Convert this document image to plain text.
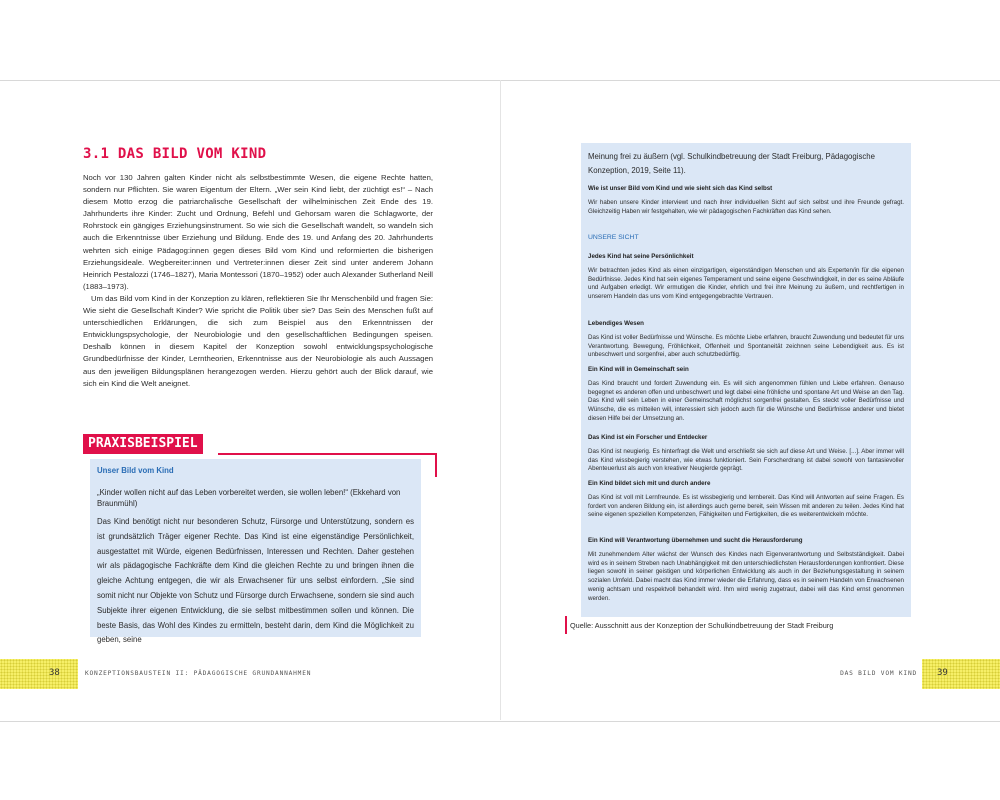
3.1 DAS BILD VOM KIND

Noch vor 130 Jahren galten Kinder nicht als selbstbestimmte Wesen, die eigene Rechte hatten, sondern nur Pflichten. Sie waren Eigentum der Eltern. „Wer sein Kind liebt, der züchtigt es!“ – Nach diesem Motto erzog die patriarchalische Gesellschaft der wilhelminischen Zeit Ende des 19. Jahrhunderts ihre Kinder: Zucht und Ordnung, Befehl und Gehorsam waren die Schlagworte, der Rohrstock ein gängiges Erziehungsinstrument. So wie sich die Gesellschaft wandelt, so wandeln sich auch die Erkenntnisse über Erziehung und Bildung. Ende des 19. und Anfang des 20. Jahrhunderts wehrten sich einige Pädagog:innen gegen dieses Bild vom Kind und reformierten die bisherigen Erziehungsideale. Wegbereiter:innen und Vertreter:innen dieser Zeit sind unter anderem Johann Heinrich Pestalozzi (1746–1827), Maria Montessori (1870–1952) oder auch Alexander Sutherland Neill (1883–1973).

Um das Bild vom Kind in der Konzeption zu klären, reflektieren Sie Ihr Menschenbild und fragen Sie: Wie sieht die Gesellschaft Kinder? Wie spricht die Politik über sie? Das Sein des Menschen fußt auf unterschiedlichen Erklärungen, die sich zum Beispiel aus den Erkenntnissen der Entwicklungspsychologie, der Neurobiologie und den gesellschaftlichen Bedingungen speisen. Deshalb können in diesem Kapitel der Konzeption sowohl entwicklungspsychologische Grundbedürfnisse der Kinder, Lerntheorien, Erkenntnisse aus der Neurobiologie als auch Aussagen aus den jeweiligen Bildungsplänen herangezogen werden. Hierzu gehört auch der Blick darauf, wie sich ein Kind die Welt aneignet.

PRAXISBEISPIEL
Unser Bild vom Kind
„Kinder wollen nicht auf das Leben vorbereitet werden, sie wollen leben!“ (Ekkehard von Braunmühl)
Das Kind benötigt nicht nur besonderen Schutz, Fürsorge und Unterstützung, sondern es ist grundsätzlich Träger eigener Rechte. Das Kind ist eine eigenständige Persönlichkeit, ausgestattet mit Würde, eigenen Bedürfnissen, Interessen und Rechten. Daher gestehen wir als pädagogische Fachkräfte dem Kind die gleichen Rechte zu und bringen ihnen die gleiche Achtung entgegen, die wir als Erwachsener für uns selbst einfordern. „Sie sind somit nicht nur Objekte von Schutz und Fürsorge durch Erwachsene, sondern sie sind auch Subjekte ihrer eigenen Entwicklung, die sie selbst mitbestimmen sollen und können. Die beste Basis, das Wohl des Kindes zu ermitteln, besteht darin, dem Kind die Möglichkeit zu geben, seine
Meinung frei zu äußern (vgl. Schulkindbetreuung der Stadt Freiburg, Pädagogische Konzeption, 2019, Seite 11).
Wie ist unser Bild vom Kind und wie sieht sich das Kind selbst
Wir haben unsere Kinder interviewt und nach ihrer individuellen Sicht auf sich selbst und ihre Freunde gefragt. Gleichzeitig Haben wir festgehalten, wie wir pädagogischen Fachkräften das Kind sehen.
UNSERE SICHT
Jedes Kind hat seine Persönlichkeit
Wir betrachten jedes Kind als einen einzigartigen, eigenständigen Menschen und als Experten/in für die eigenen Bedürfnisse. Jedes Kind hat sein eigenes Temperament und seine eigene Geschwindigkeit, in der es seine Abläufe und Aufgaben erledigt. Wir ermutigen die Kinder, ehrlich und frei ihre Meinung zu äußern, und rechtfertigen in unserem Handeln das uns vom Kind entgegengebrachte Vertrauen.
Lebendiges Wesen
Das Kind ist voller Bedürfnisse und Wünsche. Es möchte Liebe erfahren, braucht Zuwendung und bedeutet für uns Verantwortung. Bewegung, Fröhlichkeit, Offenheit und Spontaneität zeichnen seine Lebendigkeit aus. Es ist unbeschwert und sorgenfrei, aber auch schutzbedürftig.
Ein Kind will in Gemeinschaft sein
Das Kind braucht und fordert Zuwendung ein. Es will sich angenommen fühlen und Liebe erfahren. Genauso begegnet es anderen offen und unbeschwert und legt dabei eine fröhliche und spontane Art und Weise an den Tag. Das Kind will sein Leben in einer Gemeinschaft möglichst sorgenfrei gestalten. Es steckt voller Bedürfnisse und Wünsche, die es mitteilen will, interessiert sich jedoch auch für die Wünsche und Bedürfnisse anderer und bietet diesen Hilfe bei der Umsetzung an.
Das Kind ist ein Forscher und Entdecker
Das Kind ist neugierig. Es hinterfragt die Welt und erschließt sie sich auf diese Art und Weise. [...]. Aber immer will das Kind wissbegierig verstehen, wie etwas funktioniert. Sein Forscherdrang ist dabei sowohl von fantasievoller Abenteuerlust als auch von kreativer Neugierde geprägt.
Ein Kind bildet sich mit und durch andere
Das Kind ist voll mit Lernfreunde. Es ist wissbegierig und lernbereit. Das Kind will Antworten auf seine Fragen. Es fordert von anderen Bildung ein, ist allerdings auch gerne bereit, sein Wissen mit anderen zu teilen. Jedes Kind hat seine eigenen speziellen Kompetenzen, Fähigkeiten und Fertigkeiten, die es weiterentwickeln möchte.
Ein Kind will Verantwortung übernehmen und sucht die Herausforderung
Mit zunehmendem Alter wächst der Wunsch des Kindes nach Eigenverantwortung und Selbstständigkeit. Dabei wird es in seinem Streben nach Unabhängigkeit mit den unterschiedlichsten Herausforderungen konfrontiert. Diese liegen sowohl in seiner geistigen und körperlichen Entwicklung als auch in der Beziehungsgestaltung in seinem sozialen Umfeld. Dabei macht das Kind immer wieder die Erfahrung, dass es in seinem Handeln von Erwachsenen wenig achtsam und respektvoll behandelt wird. Ihm wird wenig zugetraut, dabei will das Kind ernst genommen werden.
Quelle: Ausschnitt aus der Konzeption der Schulkindbetreuung der Stadt Freiburg
38	KONZEPTIONSBAUSTEIN II: PÄDAGOGISCHE GRUNDANNAHMEN	39
DAS BILD VOM KIND
